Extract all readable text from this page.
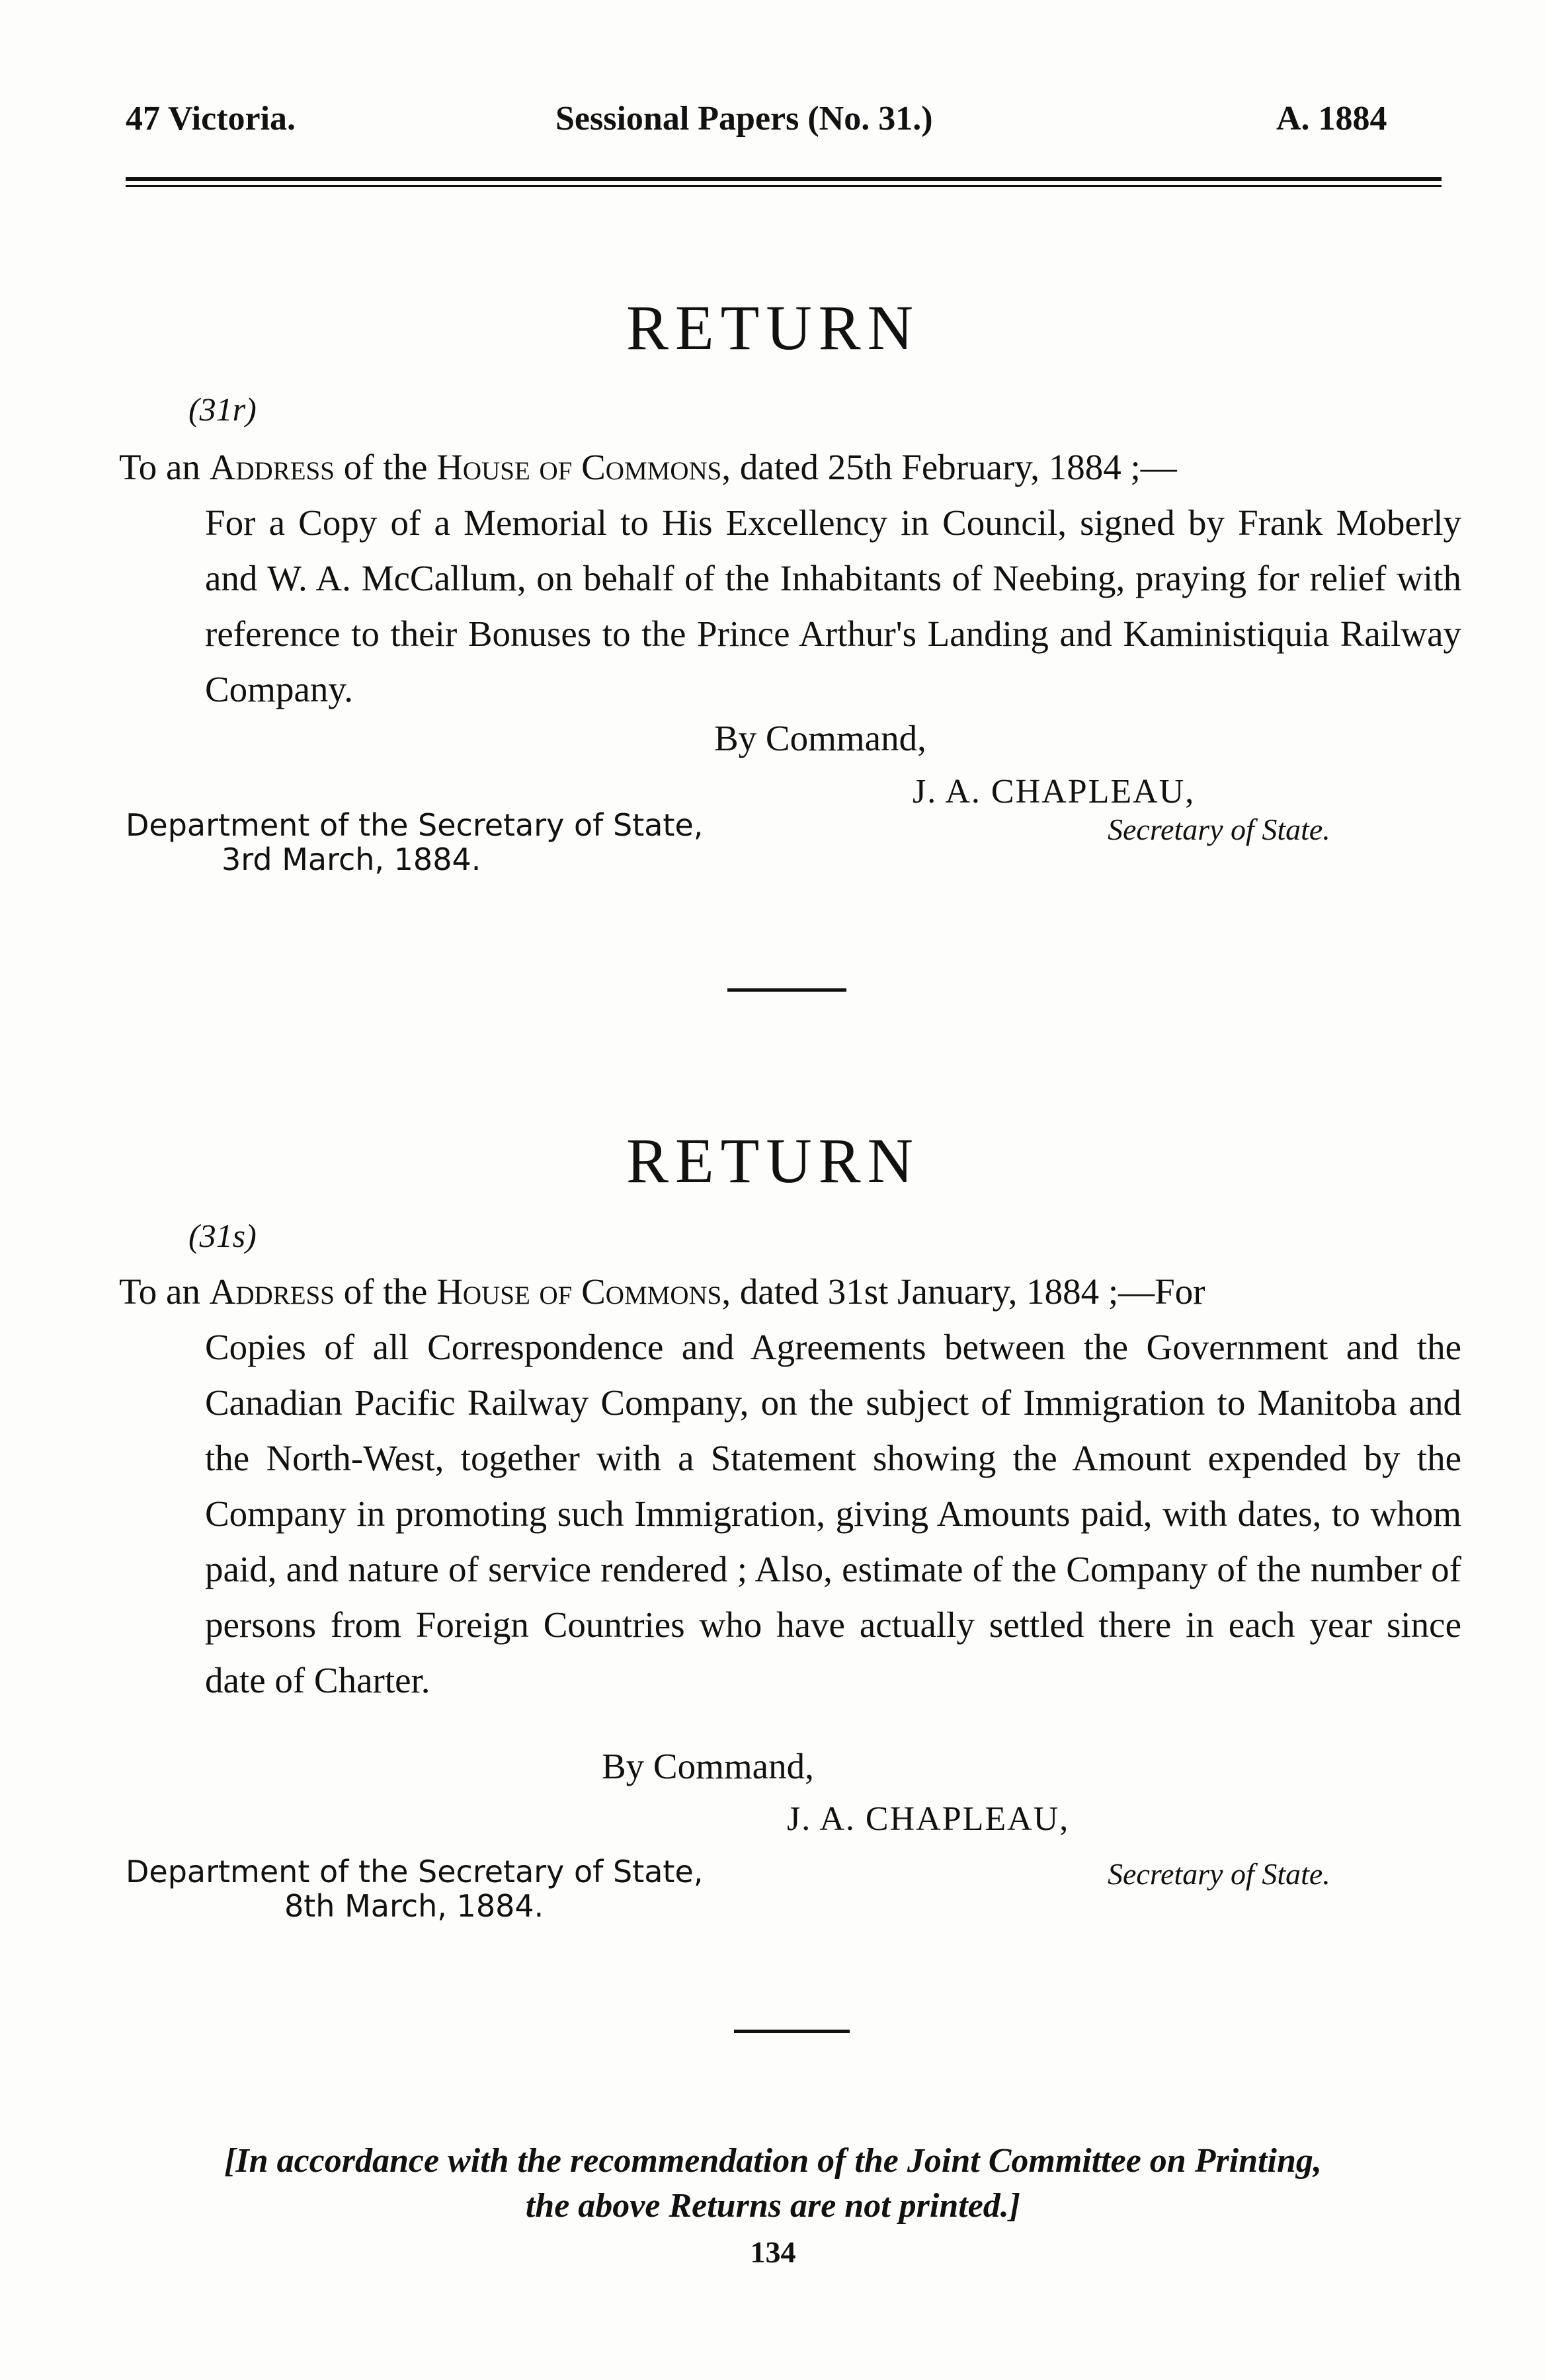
47 Victoria.	Sessional Papers (No. 31.)	A. 1884
RETURN
(31r)
To an Address of the House of Commons, dated 25th February, 1884 ;—
For a Copy of a Memorial to His Excellency in Council, signed by Frank Moberly and W. A. McCallum, on behalf of the Inhabitants of Neebing, praying for relief with reference to their Bonuses to the Prince Arthur's Landing and Kaministiquia Railway Company.
By Command,
J. A. CHAPLEAU,
Department of the Secretary of State,
3rd March, 1884.
Secretary of State.
RETURN
(31s)
To an Address of the House of Commons, dated 31st January, 1884 ;—For
Copies of all Correspondence and Agreements between the Government and the Canadian Pacific Railway Company, on the subject of Immigration to Manitoba and the North-West, together with a Statement showing the Amount expended by the Company in promoting such Immigration, giving Amounts paid, with dates, to whom paid, and nature of service rendered ; Also, estimate of the Company of the number of persons from Foreign Countries who have actually settled there in each year since date of Charter.
By Command,
J. A. CHAPLEAU,
Department of the Secretary of State,
8th March, 1884.
Secretary of State.
[In accordance with the recommendation of the Joint Committee on Printing,
the above Returns are not printed.]
134
